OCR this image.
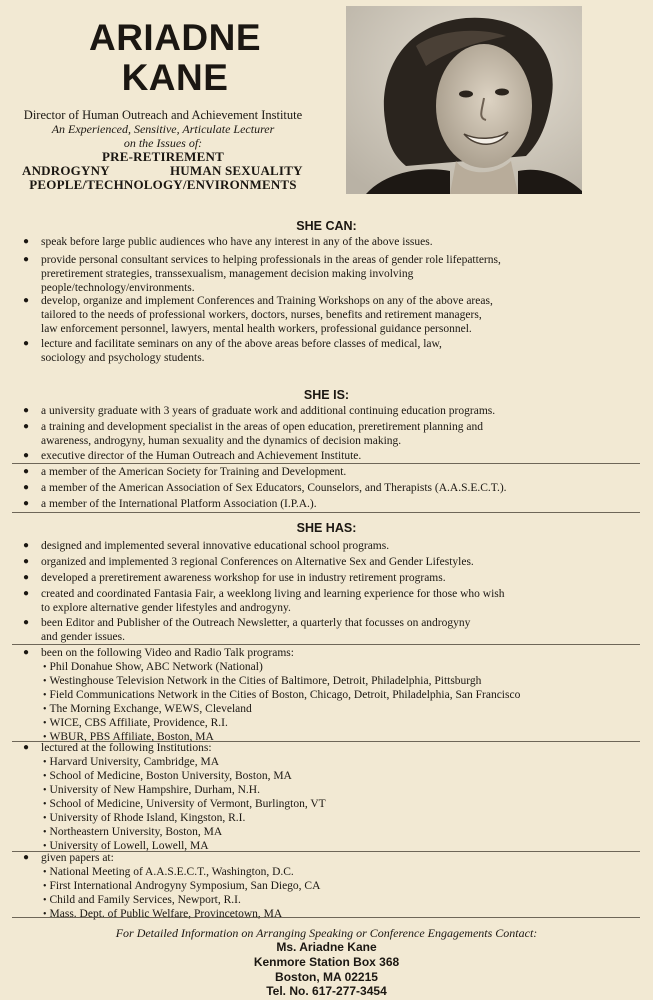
ARIADNE
KANE
Director of Human Outreach and Achievement Institute
An Experienced, Sensitive, Articulate Lecturer
on the Issues of:
PRE-RETIREMENT
ANDROGYNY	HUMAN SEXUALITY
PEOPLE/TECHNOLOGY/ENVIRONMENTS
SHE CAN:
● speak before large public audiences who have any interest in any of the above issues.
● provide personal consultant services to helping professionals in the areas of gender role lifepatterns,
preretirement strategies, transsexualism, management decision making involving
people/technology/environments.
● develop, organize and implement Conferences and Training Workshops on any of the above areas,
tailored to the needs of professional workers, doctors, nurses, benefits and retirement managers,
law enforcement personnel, lawyers, mental health workers, professional guidance personnel.
● lecture and facilitate seminars on any of the above areas before classes of medical, law,
sociology and psychology students.
SHE IS:
● a university graduate with 3 years of graduate work and additional continuing education programs.
● a training and development specialist in the areas of open education, preretirement planning and
awareness, androgyny, human sexuality and the dynamics of decision making.
● executive director of the Human Outreach and Achievement Institute.
● a member of the American Society for Training and Development.
● a member of the American Association of Sex Educators, Counselors, and Therapists (A.A.S.E.C.T.).
● a member of the International Platform Association (I.P.A.).
SHE HAS:
● designed and implemented several innovative educational school programs.
● organized and implemented 3 regional Conferences on Alternative Sex and Gender Lifestyles.
● developed a preretirement awareness workshop for use in industry retirement programs.
● created and coordinated Fantasia Fair, a weeklong living and learning experience for those who wish
to explore alternative gender lifestyles and androgyny.
● been Editor and Publisher of the Outreach Newsletter, a quarterly that focusses on androgyny
and gender issues.
● been on the following Video and Radio Talk programs:
• Phil Donahue Show, ABC Network (National)
• Westinghouse Television Network in the Cities of Baltimore, Detroit, Philadelphia, Pittsburgh
• Field Communications Network in the Cities of Boston, Chicago, Detroit, Philadelphia, San Francisco
• The Morning Exchange, WEWS, Cleveland
• WICE, CBS Affiliate, Providence, R.I.
• WBUR, PBS Affiliate, Boston, MA
● lectured at the following Institutions:
• Harvard University, Cambridge, MA
• School of Medicine, Boston University, Boston, MA
• University of New Hampshire, Durham, N.H.
• School of Medicine, University of Vermont, Burlington, VT
• University of Rhode Island, Kingston, R.I.
• Northeastern University, Boston, MA
• University of Lowell, Lowell, MA
● given papers at:
• National Meeting of A.A.S.E.C.T., Washington, D.C.
• First International Androgyny Symposium, San Diego, CA
• Child and Family Services, Newport, R.I.
• Mass. Dept. of Public Welfare, Provincetown, MA
For Detailed Information on Arranging Speaking or Conference Engagements Contact:
Ms. Ariadne Kane
Kenmore Station Box 368
Boston, MA 02215
Tel. No. 617-277-3454
